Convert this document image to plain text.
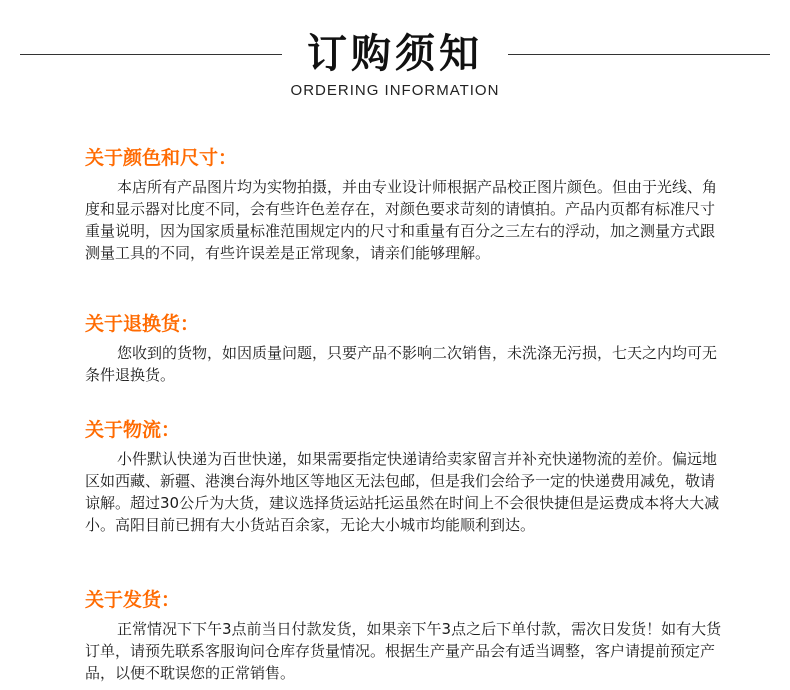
订购须知
ORDERING INFORMATION
关于颜色和尺寸：

本店所有产品图片均为实物拍摄，并由专业设计师根据产品校正图片颜色。但由于光线、角度和显示器对比度不同，会有些许色差存在，对颜色要求苛刻的请慎拍。产品内页都有标准尺寸重量说明，因为国家质量标准范围规定内的尺寸和重量有百分之三左右的浮动，加之测量方式跟测量工具的不同，有些许误差是正常现象，请亲们能够理解。

关于退换货：

您收到的货物，如因质量问题，只要产品不影响二次销售，未洗涤无污损，七天之内均可无条件退换货。

关于物流：

小件默认快递为百世快递，如果需要指定快递请给卖家留言并补充快递物流的差价。偏远地区如西藏、新疆、港澳台海外地区等地区无法包邮，但是我们会给予一定的快递费用减免，敬请谅解。超过30公斤为大货，建议选择货运站托运虽然在时间上不会很快捷但是运费成本将大大减小。高阳目前已拥有大小货站百余家，无论大小城市均能顺利到达。

关于发货：

正常情况下下午3点前当日付款发货，如果亲下午3点之后下单付款，需次日发货！如有大货订单，请预先联系客服询问仓库存货量情况。根据生产量产品会有适当调整，客户请提前预定产品，以便不耽误您的正常销售。
